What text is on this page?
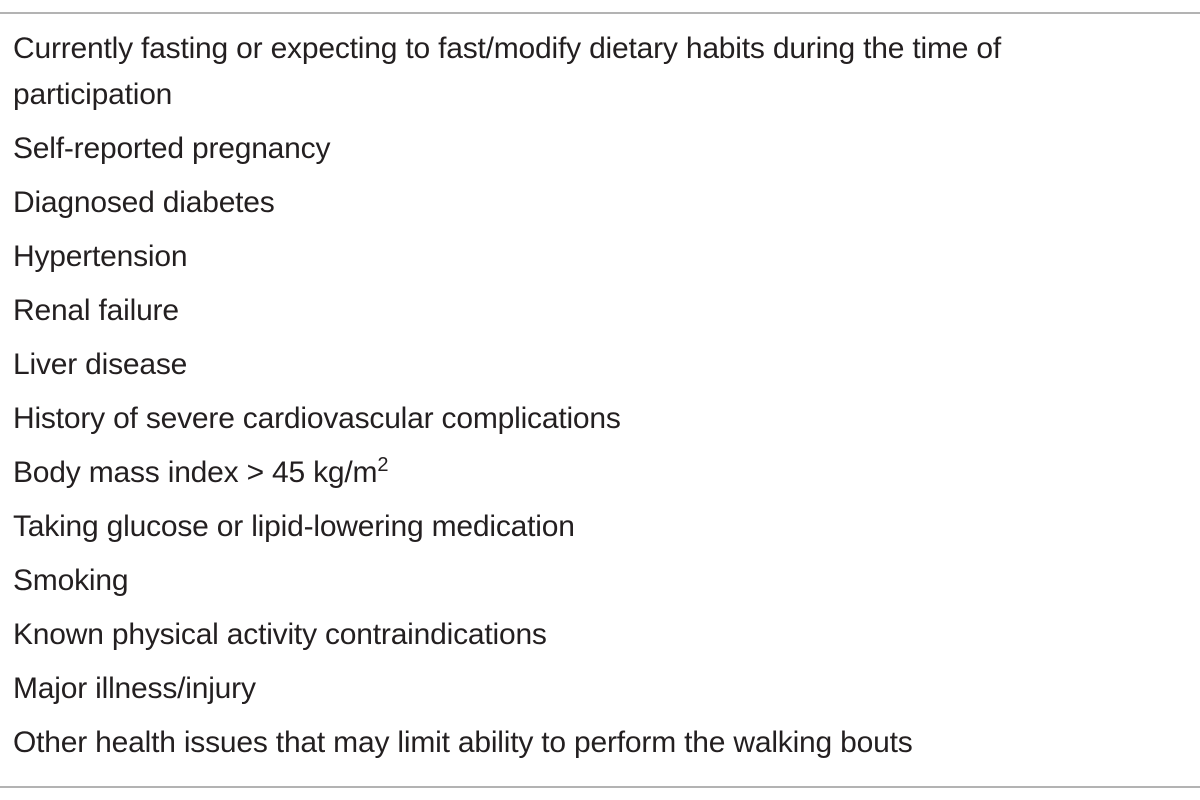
Currently fasting or expecting to fast/modify dietary habits during the time of participation
Self-reported pregnancy
Diagnosed diabetes
Hypertension
Renal failure
Liver disease
History of severe cardiovascular complications
Body mass index > 45 $kg/m^2$
Taking glucose or lipid-lowering medication
Smoking
Known physical activity contraindications
Major illness/injury
Other health issues that may limit ability to perform the walking bouts
